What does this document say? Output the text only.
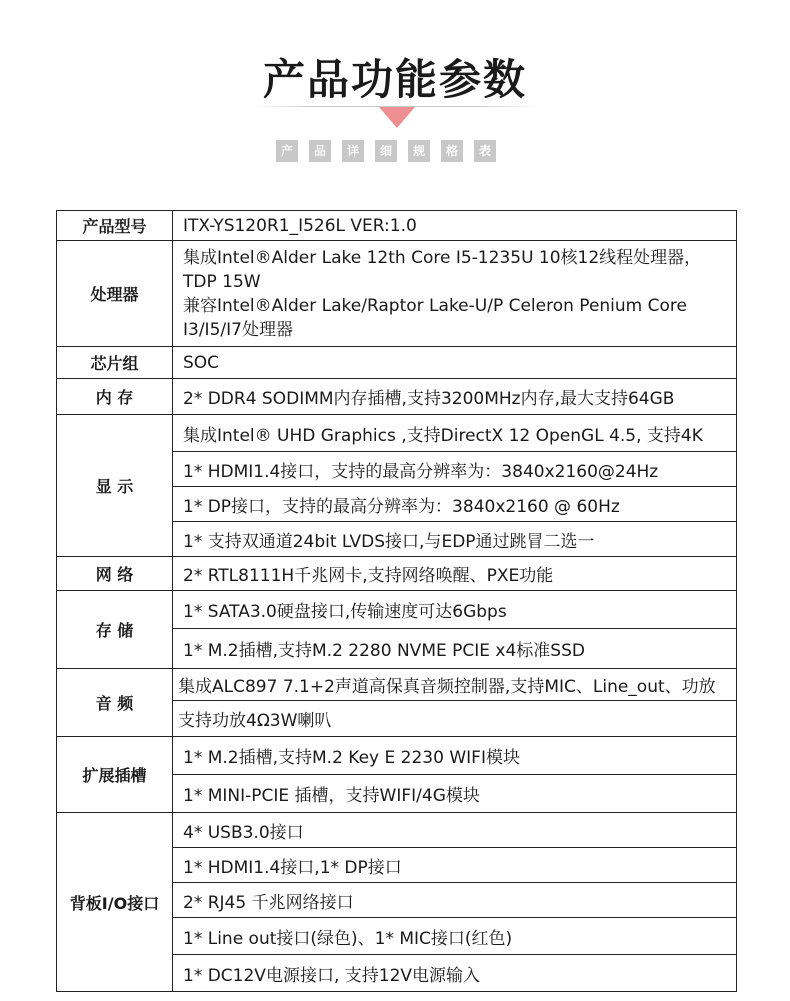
产品功能参数
产	品	详	细	规	格	表
产品型号	ITX-YS120R1_I526L VER:1.0
处理器	集成Intel®Alder Lake 12th Core I5-1235U 10核12线程处理器，
TDP 15W
兼容Intel®Alder Lake/Raptor Lake-U/P Celeron Penium Core
I3/I5/I7处理器

芯片组	SOC
内 存	2* DDR4 SODIMM内存插槽,支持3200MHz内存,最大支持64GB
显 示	集成Intel® UHD Graphics ,支持DirectX 12 OpenGL 4.5, 支持4K
	1* HDMI1.4接口，支持的最高分辨率为：3840x2160@24Hz
	1* DP接口，支持的最高分辨率为：3840x2160 @ 60Hz
	1* 支持双通道24bit LVDS接口,与EDP通过跳冒二选一
网 络	2* RTL8111H千兆网卡,支持网络唤醒、PXE功能
存 储	1* SATA3.0硬盘接口,传输速度可达6Gbps
	1* M.2插槽,支持M.2 2280 NVME PCIE x4标准SSD
音 频	集成ALC897 7.1+2声道高保真音频控制器,支持MIC、Line_out、功放
	支持功放4Ω3W喇叭
扩展插槽	1* M.2插槽,支持M.2 Key E 2230 WIFI模块
	1* MINI-PCIE 插槽，支持WIFI/4G模块
背板I/O接口	4* USB3.0接口
	1* HDMI1.4接口,1* DP接口
	2* RJ45 千兆网络接口
	1* Line out接口(绿色)、1* MIC接口(红色)
	1* DC12V电源接口, 支持12V电源输入
